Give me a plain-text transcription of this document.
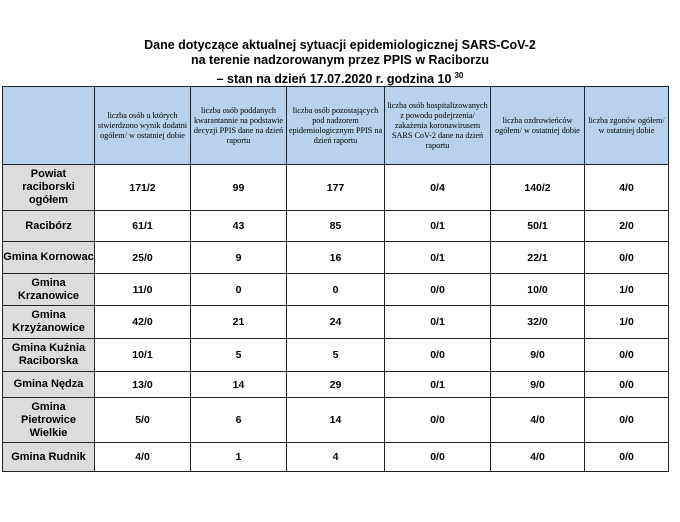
Dane dotyczące aktualnej sytuacji epidemiologicznej SARS-CoV-2
na terenie nadzorowanym przez PPIS w Raciborzu
– stan na dzień 17.07.2020 r. godzina 10 $^{30}$
	liczba osób u których stwierdzono wynik dodatni ogółem/ w ostatniej dobie	liczba osób poddanych kwarantannie na podstawie decyzji PPIS dane na dzień raportu	liczba osób pozostających pod nadzorem epidemiologicznym PPIS na dzień raportu	liczba osób hospitalizowanych z powodu podejrzenia/ zakażenia koronawirusem SARS CoV-2 dane na dzień raportu	liczba ozdrowieńców ogółem/ w ostatniej dobie	liczba zgonów ogółem/ w ostatniej dobie
Powiat raciborski ogółem	171/2	99	177	0/4	140/2	4/0
Racibórz	61/1	43	85	0/1	50/1	2/0
Gmina Kornowac	25/0	9	16	0/1	22/1	0/0
Gmina Krzanowice	11/0	0	0	0/0	10/0	1/0
Gmina Krzyżanowice	42/0	21	24	0/1	32/0	1/0
Gmina Kuźnia Raciborska	10/1	5	5	0/0	9/0	0/0
Gmina Nędza	13/0	14	29	0/1	9/0	0/0
Gmina Pietrowice Wielkie	5/0	6	14	0/0	4/0	0/0
Gmina Rudnik	4/0	1	4	0/0	4/0	0/0
